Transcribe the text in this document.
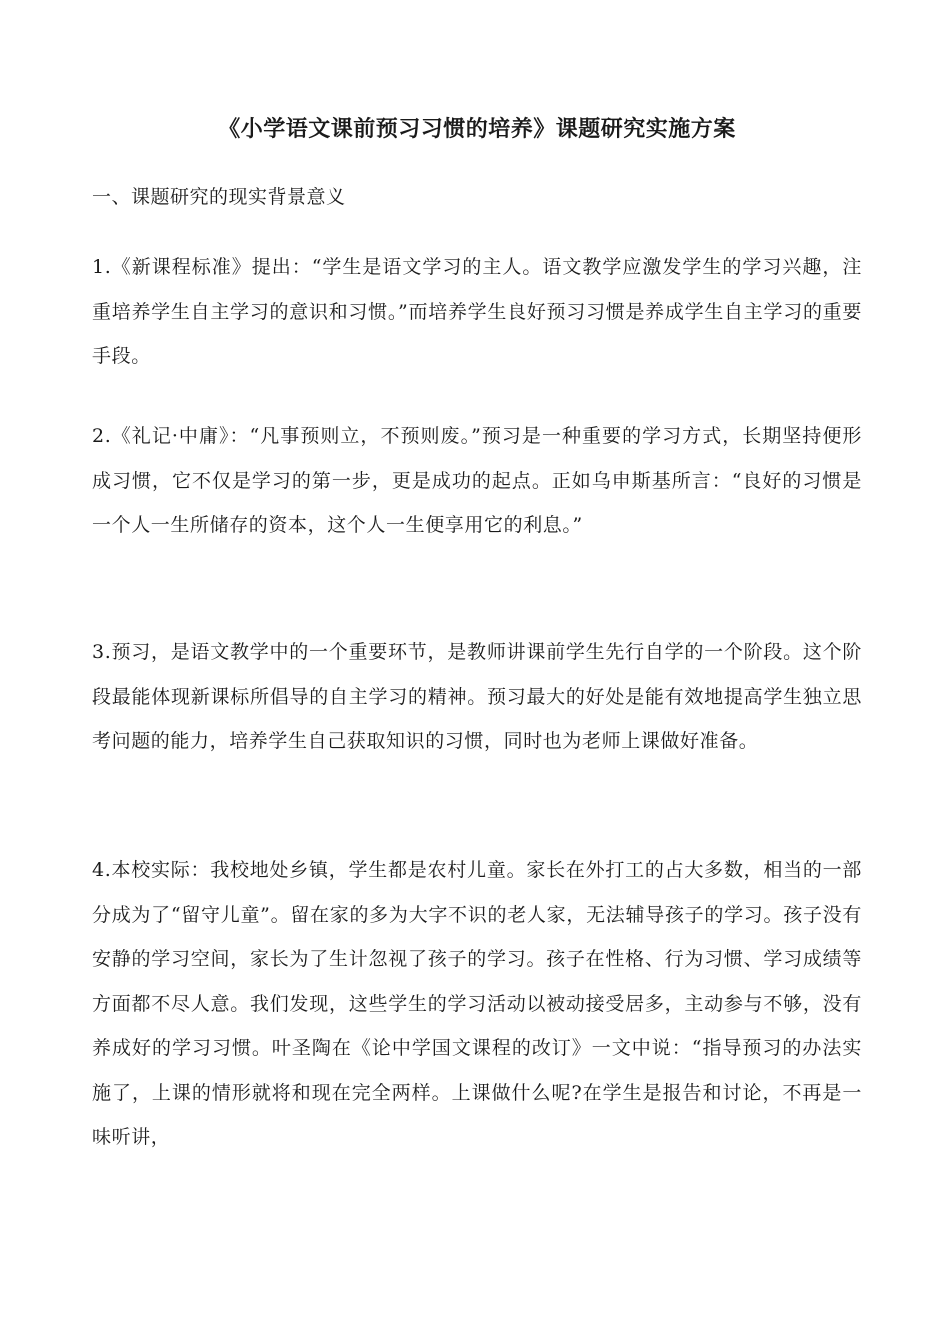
《小学语文课前预习习惯的培养》课题研究实施方案
一、课题研究的现实背景意义

1.《新课程标准》提出：“学生是语文学习的主人。语文教学应激发学生的学习兴趣，注重培养学生自主学习的意识和习惯。”而培养学生良好预习习惯是养成学生自主学习的重要手段。

2.《礼记·中庸》：“凡事预则立，不预则废。”预习是一种重要的学习方式，长期坚持便形成习惯，它不仅是学习的第一步，更是成功的起点。正如乌申斯基所言：“良好的习惯是一个人一生所储存的资本，这个人一生便享用它的利息。”

3.预习，是语文教学中的一个重要环节，是教师讲课前学生先行自学的一个阶段。这个阶段最能体现新课标所倡导的自主学习的精神。预习最大的好处是能有效地提高学生独立思考问题的能力，培养学生自己获取知识的习惯，同时也为老师上课做好准备。

4.本校实际：我校地处乡镇，学生都是农村儿童。家长在外打工的占大多数，相当的一部分成为了“留守儿童”。留在家的多为大字不识的老人家，无法辅导孩子的学习。孩子没有安静的学习空间，家长为了生计忽视了孩子的学习。孩子在性格、行为习惯、学习成绩等方面都不尽人意。我们发现，这些学生的学习活动以被动接受居多，主动参与不够，没有养成好的学习习惯。叶圣陶在《论中学国文课程的改订》一文中说：“指导预习的办法实施了，上课的情形就将和现在完全两样。上课做什么呢?在学生是报告和讨论，不再是一味听讲，
